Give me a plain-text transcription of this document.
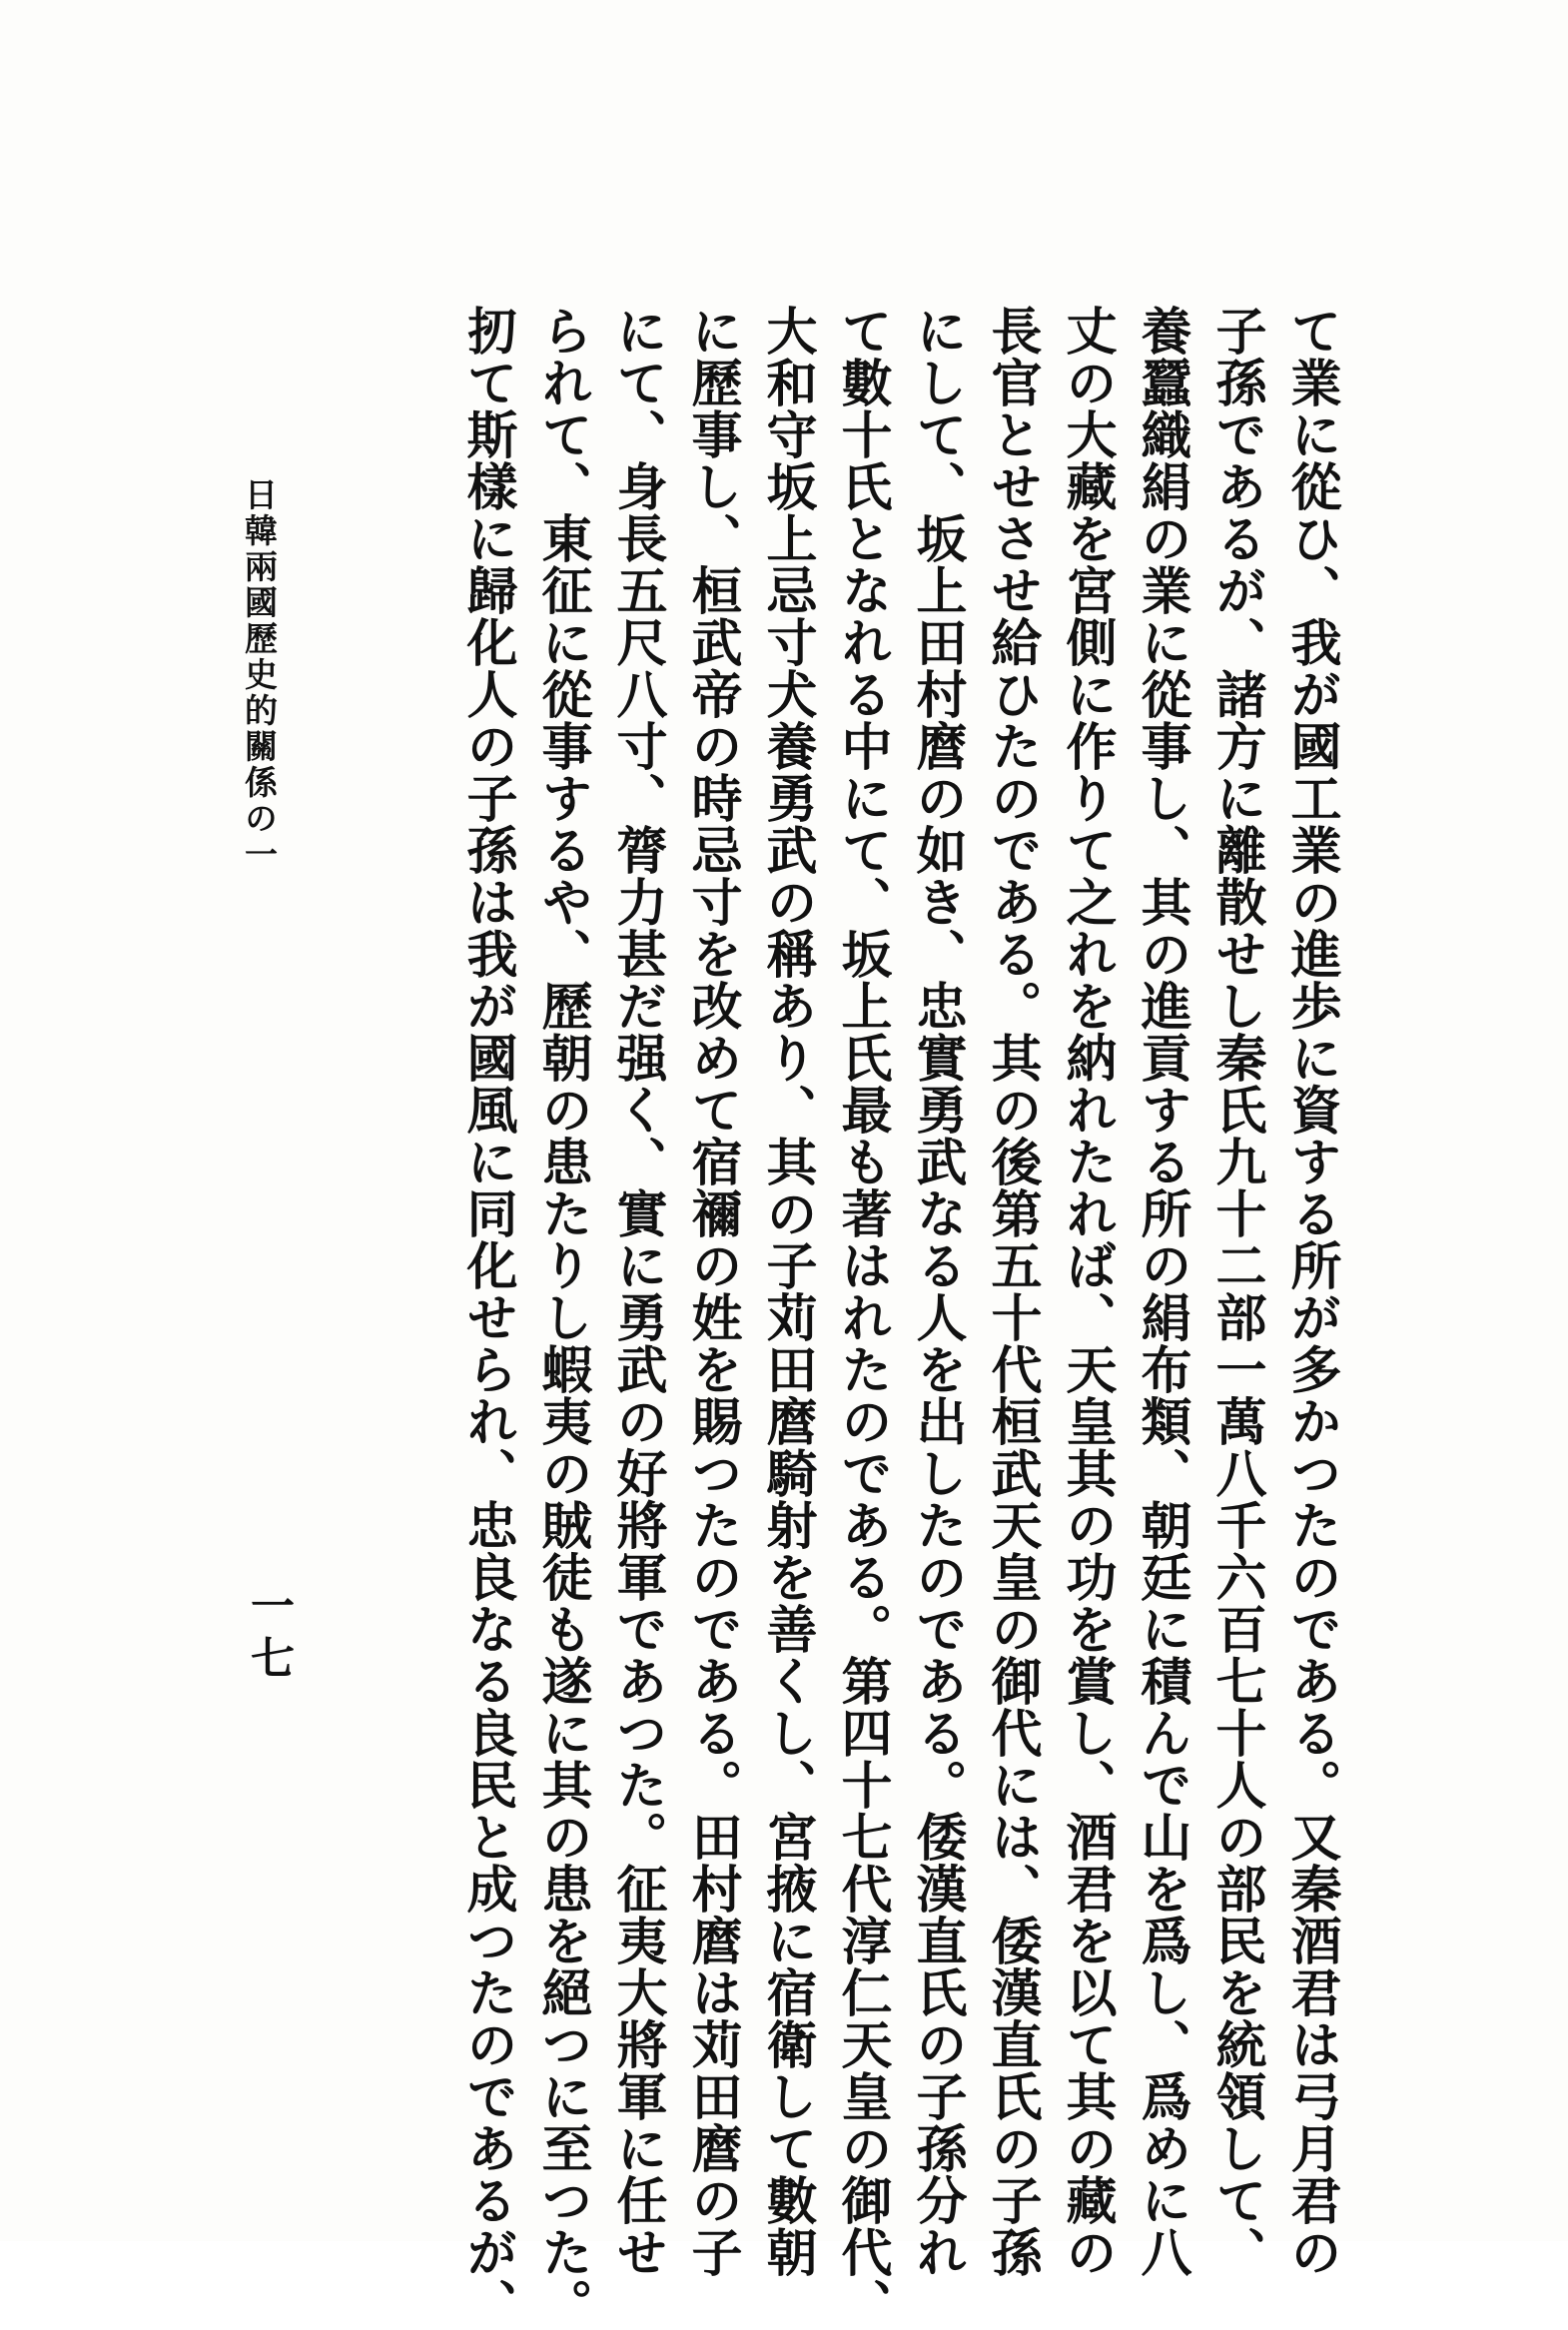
て業に從ひ、我が國工業の進歩に資する所が多かつたのである。又秦酒君は弓月君の

子孫であるが、諸方に離散せし秦氏九十二部一萬八千六百七十人の部民を統領して、

養蠶織絹の業に從事し、其の進貢する所の絹布類、朝廷に積んで山を爲し、爲めに八

丈の大藏を宮側に作りて之れを納れたれば、天皇其の功を賞し、酒君を以て其の藏の

長官とせさせ給ひたのである。其の後第五十代桓武天皇の御代には、倭漢直氏の子孫

にして、坂上田村麿の如き、忠實勇武なる人を出したのである。倭漢直氏の子孫分れ

て數十氏となれる中にて、坂上氏最も著はれたのである。第四十七代淳仁天皇の御代、

大和守坂上忌寸犬養勇武の稱あり、其の子苅田麿騎射を善くし、宮掖に宿衛して數朝

に歷事し、桓武帝の時忌寸を改めて宿禰の姓を賜つたのである。田村麿は苅田麿の子

にて、身長五尺八寸、膂力甚だ强く、實に勇武の好將軍であつた。征夷大將軍に任せ

られて、東征に從事するや、歷朝の患たりし蝦夷の賊徒も遂に其の患を絕つに至つた。

扨て斯樣に歸化人の子孫は我が國風に同化せられ、忠良なる良民と成つたのであるが、

日韓兩國歷史的關係の一
一七
